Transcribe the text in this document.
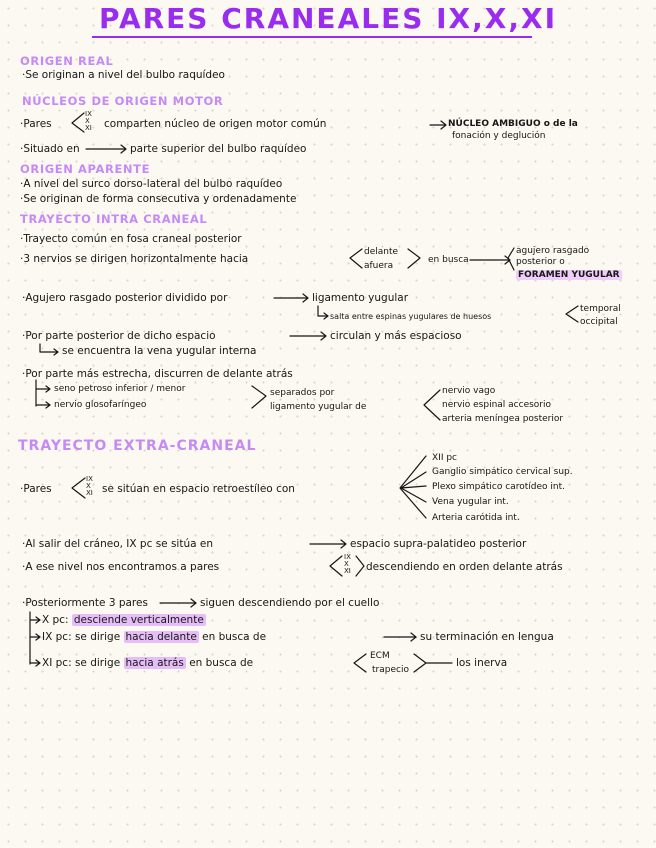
PARES CRANEALES IX,X,XI
ORIGEN REAL
·Se originan a nivel del bulbo raquídeo
NÚCLEOS DE ORIGEN MOTOR
·Pares
IX
X
XI comparten núcleo de origen motor común	NÚCLEO AMBIGUO o de la
fonación y deglución
·Situado en	parte superior del bulbo raquídeo
ORIGEN APARENTE
·A nivel del surco dorso-lateral del bulbo raquídeo
·Se originan de forma consecutiva y ordenadamente
TRAYECTO INTRA CRANEAL
·Trayecto común en fosa craneal posterior
·3 nervios se dirigen horizontalmente hacia
delante
afuera
en busca
agujero rasgado
posterior o
FORAMEN YUGULAR
·Agujero rasgado posterior dividido por	ligamento yugular
salta entre espinas yugulares de huesos
temporal
occipital
·Por parte posterior de dicho espacio	circulan y más espacioso
se encuentra la vena yugular interna
·Por parte más estrecha, discurren de delante atrás
seno petroso inferior / menor
nervio glosofaríngeo
separados por
ligamento yugular de
nervio vago
nervio espinal accesorio
arteria meníngea posterior
TRAYECTO EXTRA-CRANEAL
·Pares
IX
X
XI se sitúan en espacio retroestíleo con
XII pc
Ganglio simpático cervical sup.
Plexo simpático carotídeo int.
Vena yugular int.
Arteria carótida int.
·Al salir del cráneo, IX pc se sitúa en	espacio supra-palatideo posterior
·A ese nivel nos encontramos a pares
IX
X
XI descendiendo en orden delante atrás
·Posteriormente 3 pares	siguen descendiendo por el cuello
X pc: desciende verticalmente
IX pc: se dirige hacia delante en busca de	su terminación en lengua
XI pc: se dirige hacia atrás en busca de
ECM
trapecio
los inerva
